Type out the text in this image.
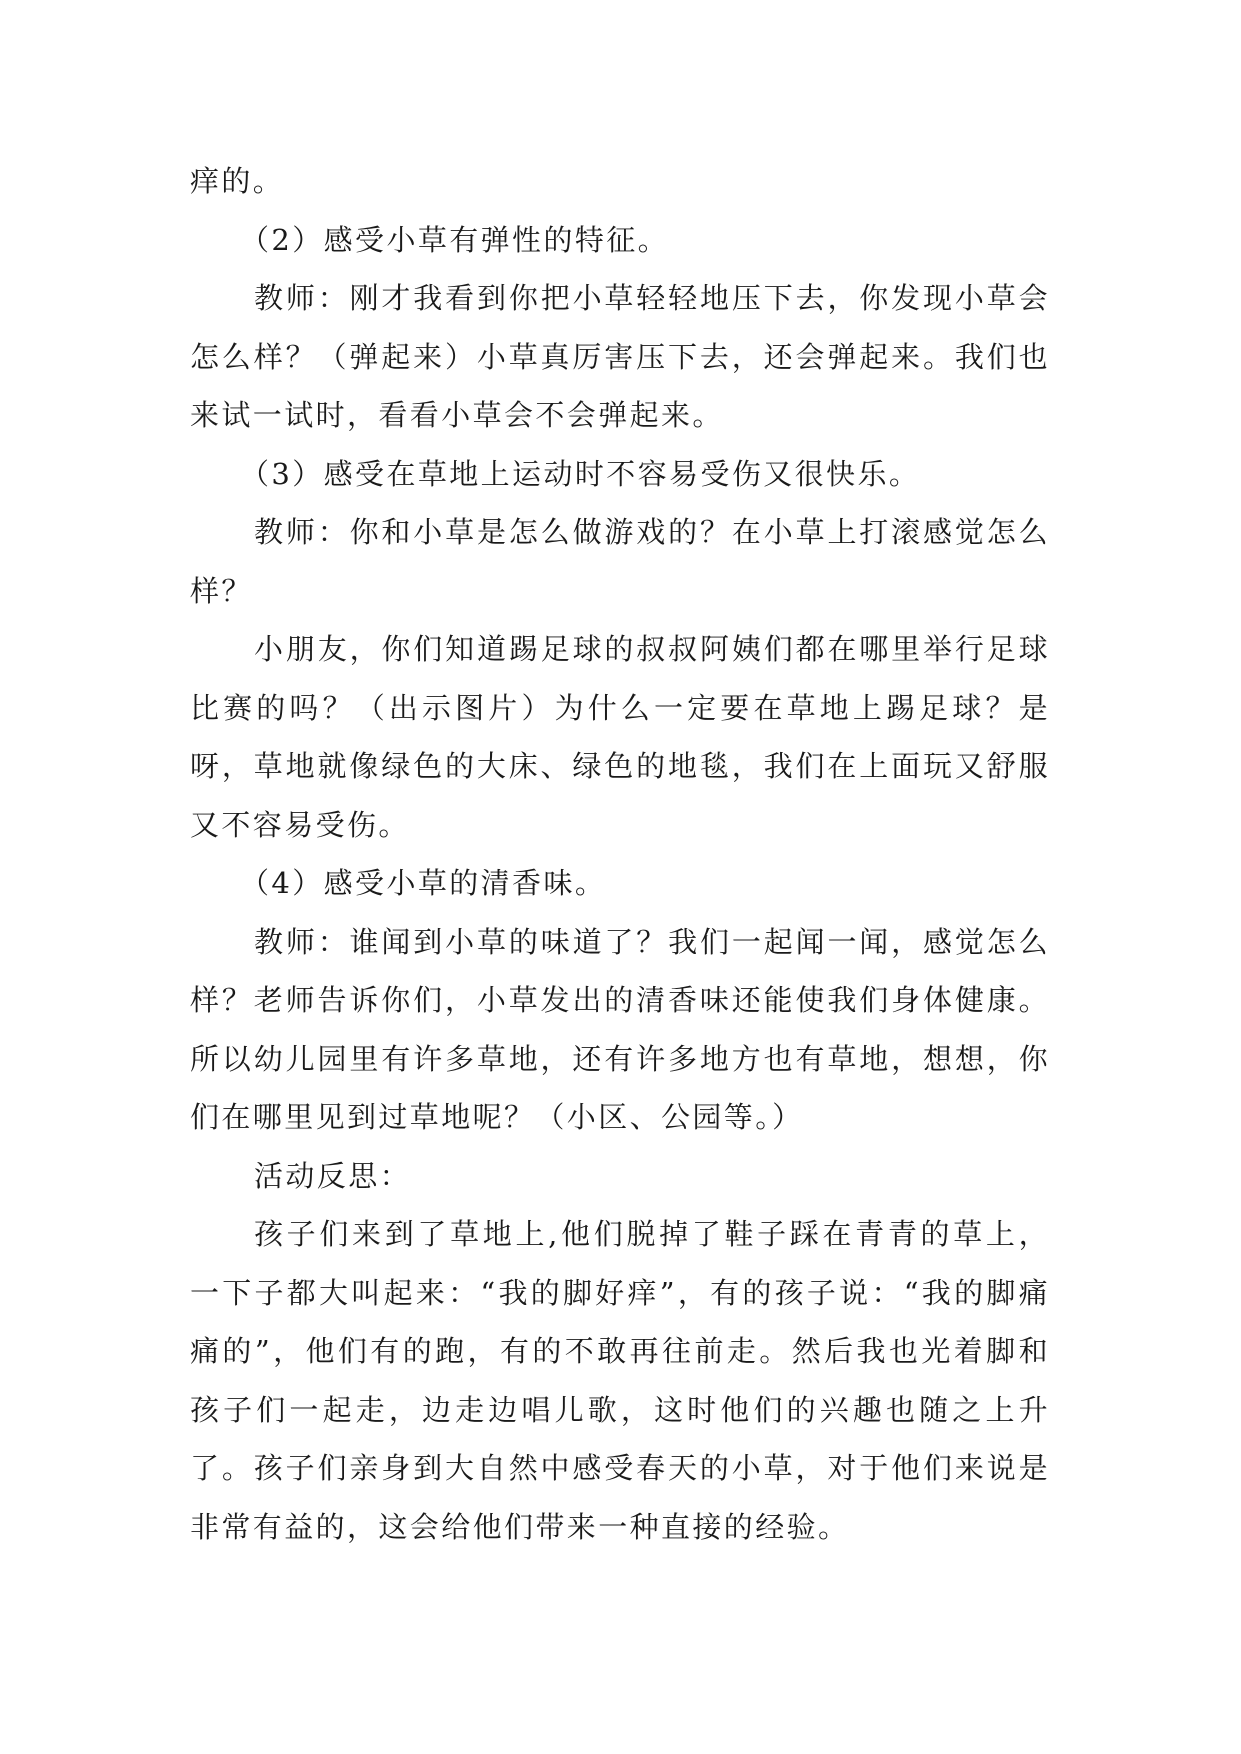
痒的。

（2）感受小草有弹性的特征。

教师：刚才我看到你把小草轻轻地压下去，你发现小草会怎么样？（弹起来）小草真厉害压下去，还会弹起来。我们也来试一试时，看看小草会不会弹起来。

（3）感受在草地上运动时不容易受伤又很快乐。

教师：你和小草是怎么做游戏的？在小草上打滚感觉怎么样？

小朋友，你们知道踢足球的叔叔阿姨们都在哪里举行足球比赛的吗？（出示图片）为什么一定要在草地上踢足球？是呀，草地就像绿色的大床、绿色的地毯，我们在上面玩又舒服又不容易受伤。

（4）感受小草的清香味。

教师：谁闻到小草的味道了？我们一起闻一闻，感觉怎么样？老师告诉你们，小草发出的清香味还能使我们身体健康。所以幼儿园里有许多草地，还有许多地方也有草地，想想，你们在哪里见到过草地呢？（小区、公园等。）

活动反思：

孩子们来到了草地上,他们脱掉了鞋子踩在青青的草上，一下子都大叫起来：“我的脚好痒”，有的孩子说：“我的脚痛痛的”，他们有的跑，有的不敢再往前走。然后我也光着脚和孩子们一起走，边走边唱儿歌，这时他们的兴趣也随之上升了。孩子们亲身到大自然中感受春天的小草，对于他们来说是非常有益的，这会给他们带来一种直接的经验。
